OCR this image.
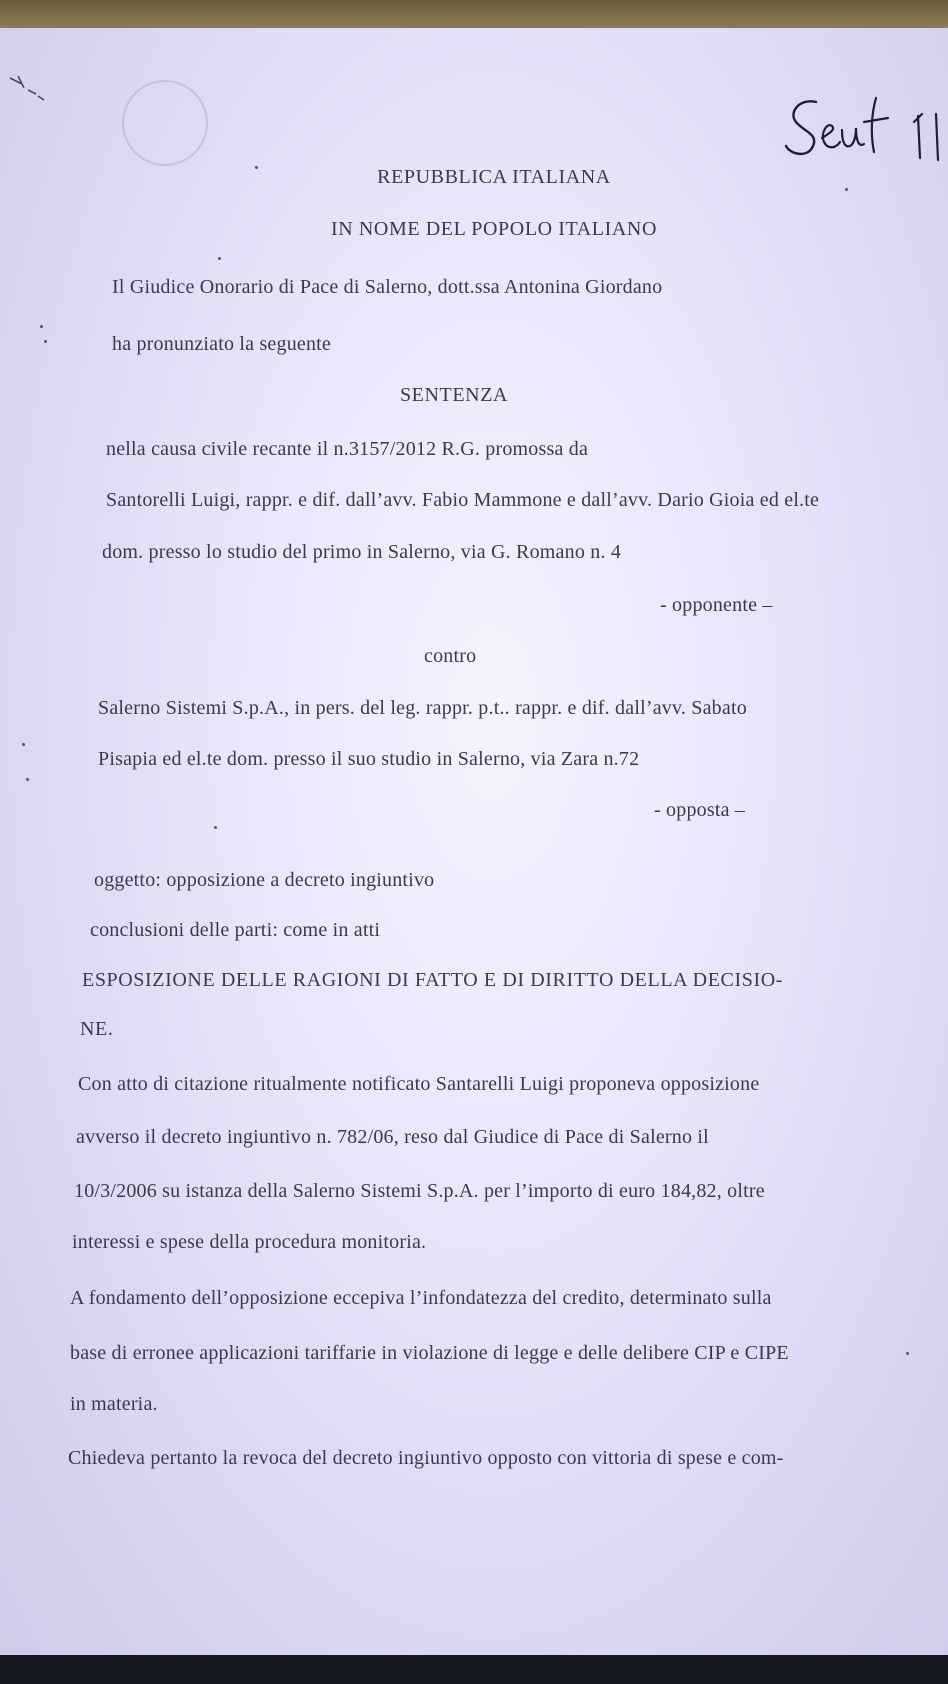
REPUBBLICA ITALIANA
IN NOME DEL POPOLO ITALIANO
Il Giudice Onorario di Pace di Salerno, dott.ssa Antonina Giordano
ha pronunziato la seguente
SENTENZA
nella causa civile recante il n.3157/2012 R.G. promossa da
Santorelli Luigi, rappr. e dif. dall’avv. Fabio Mammone e dall’avv. Dario Gioia ed el.te
dom. presso lo studio del primo in Salerno, via G. Romano n. 4
- opponente –
contro
Salerno Sistemi S.p.A., in pers. del leg. rappr. p.t.. rappr. e dif. dall’avv. Sabato
Pisapia ed el.te dom. presso il suo studio in Salerno, via Zara n.72
- opposta –
oggetto: opposizione a decreto ingiuntivo
conclusioni delle parti: come in atti
ESPOSIZIONE DELLE RAGIONI DI FATTO E DI DIRITTO DELLA DECISIO-
NE.
Con atto di citazione ritualmente notificato Santarelli Luigi proponeva opposizione
avverso il decreto ingiuntivo n. 782/06, reso dal Giudice di Pace di Salerno il
10/3/2006 su istanza della Salerno Sistemi S.p.A. per l’importo di euro 184,82, oltre
interessi e spese della procedura monitoria.
A fondamento dell’opposizione eccepiva l’infondatezza del credito, determinato sulla
base di erronee applicazioni tariffarie in violazione di legge e delle delibere CIP e CIPE
in materia.
Chiedeva pertanto la revoca del decreto ingiuntivo opposto con vittoria di spese e com-
